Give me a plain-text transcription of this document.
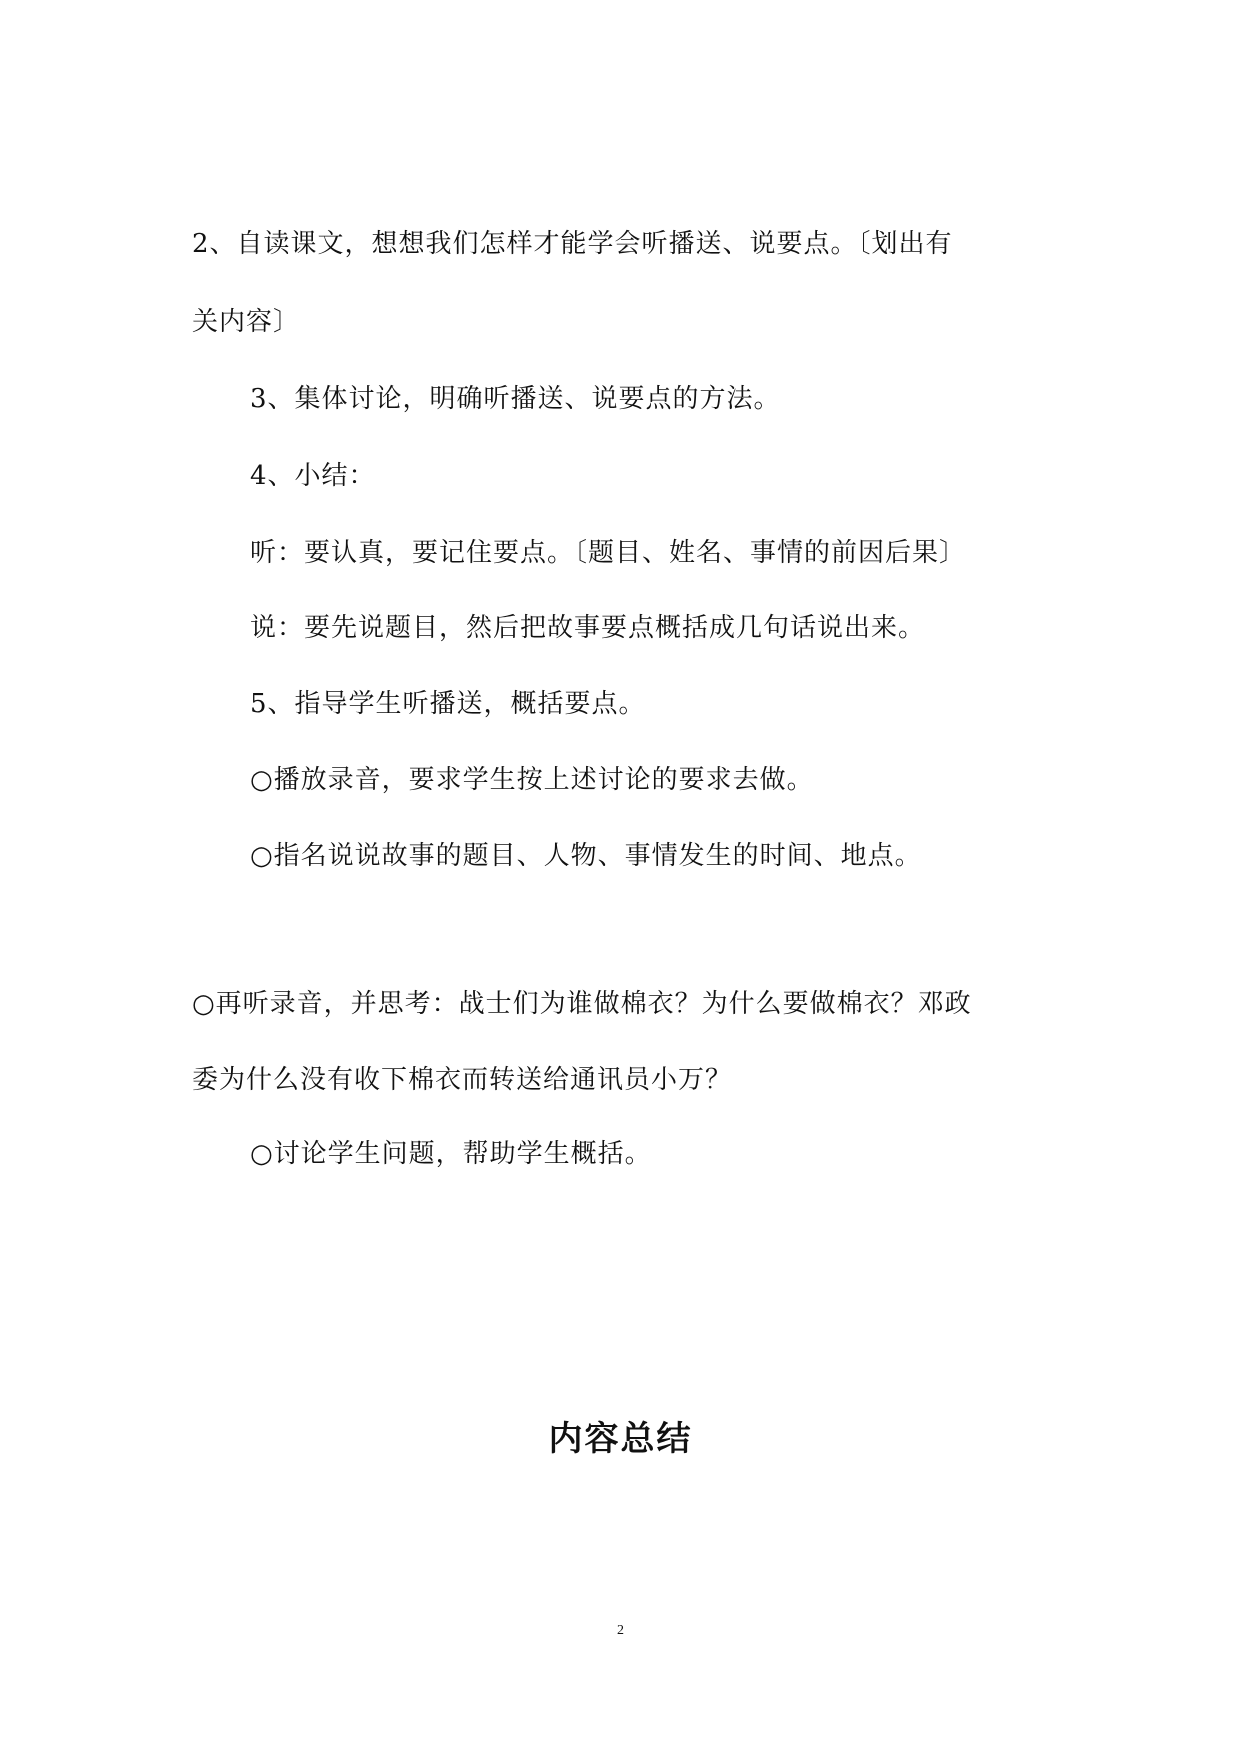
2、自读课文，想想我们怎样才能学会听播送、说要点。〔划出有
关内容〕
3、集体讨论，明确听播送、说要点的方法。
4、小结：
听：要认真，要记住要点。〔题目、姓名、事情的前因后果〕
说：要先说题目，然后把故事要点概括成几句话说出来。
5、指导学生听播送，概括要点。
○播放录音，要求学生按上述讨论的要求去做。
○指名说说故事的题目、人物、事情发生的时间、地点。
○再听录音，并思考：战士们为谁做棉衣？为什么要做棉衣？邓政
委为什么没有收下棉衣而转送给通讯员小万？
○讨论学生问题，帮助学生概括。
内容总结
2
